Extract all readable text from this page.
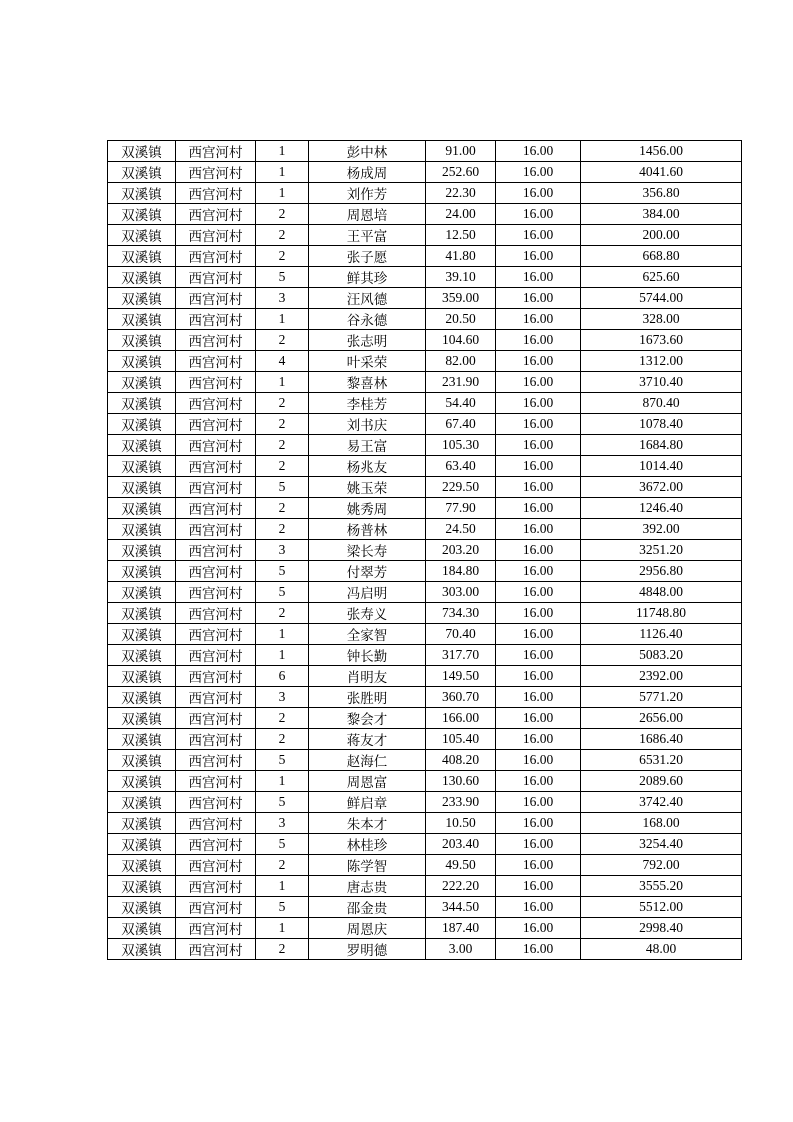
双溪镇	西宫河村	1	彭中林	91.00	16.00	1456.00
双溪镇	西宫河村	1	杨成周	252.60	16.00	4041.60
双溪镇	西宫河村	1	刘作芳	22.30	16.00	356.80
双溪镇	西宫河村	2	周恩培	24.00	16.00	384.00
双溪镇	西宫河村	2	王平富	12.50	16.00	200.00
双溪镇	西宫河村	2	张子愿	41.80	16.00	668.80
双溪镇	西宫河村	5	鲜其珍	39.10	16.00	625.60
双溪镇	西宫河村	3	汪风德	359.00	16.00	5744.00
双溪镇	西宫河村	1	谷永德	20.50	16.00	328.00
双溪镇	西宫河村	2	张志明	104.60	16.00	1673.60
双溪镇	西宫河村	4	叶采荣	82.00	16.00	1312.00
双溪镇	西宫河村	1	黎喜林	231.90	16.00	3710.40
双溪镇	西宫河村	2	李桂芳	54.40	16.00	870.40
双溪镇	西宫河村	2	刘书庆	67.40	16.00	1078.40
双溪镇	西宫河村	2	易王富	105.30	16.00	1684.80
双溪镇	西宫河村	2	杨兆友	63.40	16.00	1014.40
双溪镇	西宫河村	5	姚玉荣	229.50	16.00	3672.00
双溪镇	西宫河村	2	姚秀周	77.90	16.00	1246.40
双溪镇	西宫河村	2	杨普林	24.50	16.00	392.00
双溪镇	西宫河村	3	梁长寿	203.20	16.00	3251.20
双溪镇	西宫河村	5	付翠芳	184.80	16.00	2956.80
双溪镇	西宫河村	5	冯启明	303.00	16.00	4848.00
双溪镇	西宫河村	2	张寿义	734.30	16.00	11748.80
双溪镇	西宫河村	1	全家智	70.40	16.00	1126.40
双溪镇	西宫河村	1	钟长勤	317.70	16.00	5083.20
双溪镇	西宫河村	6	肖明友	149.50	16.00	2392.00
双溪镇	西宫河村	3	张胜明	360.70	16.00	5771.20
双溪镇	西宫河村	2	黎会才	166.00	16.00	2656.00
双溪镇	西宫河村	2	蒋友才	105.40	16.00	1686.40
双溪镇	西宫河村	5	赵海仁	408.20	16.00	6531.20
双溪镇	西宫河村	1	周恩富	130.60	16.00	2089.60
双溪镇	西宫河村	5	鲜启章	233.90	16.00	3742.40
双溪镇	西宫河村	3	朱本才	10.50	16.00	168.00
双溪镇	西宫河村	5	林桂珍	203.40	16.00	3254.40
双溪镇	西宫河村	2	陈学智	49.50	16.00	792.00
双溪镇	西宫河村	1	唐志贵	222.20	16.00	3555.20
双溪镇	西宫河村	5	邵金贵	344.50	16.00	5512.00
双溪镇	西宫河村	1	周恩庆	187.40	16.00	2998.40
双溪镇	西宫河村	2	罗明德	3.00	16.00	48.00
